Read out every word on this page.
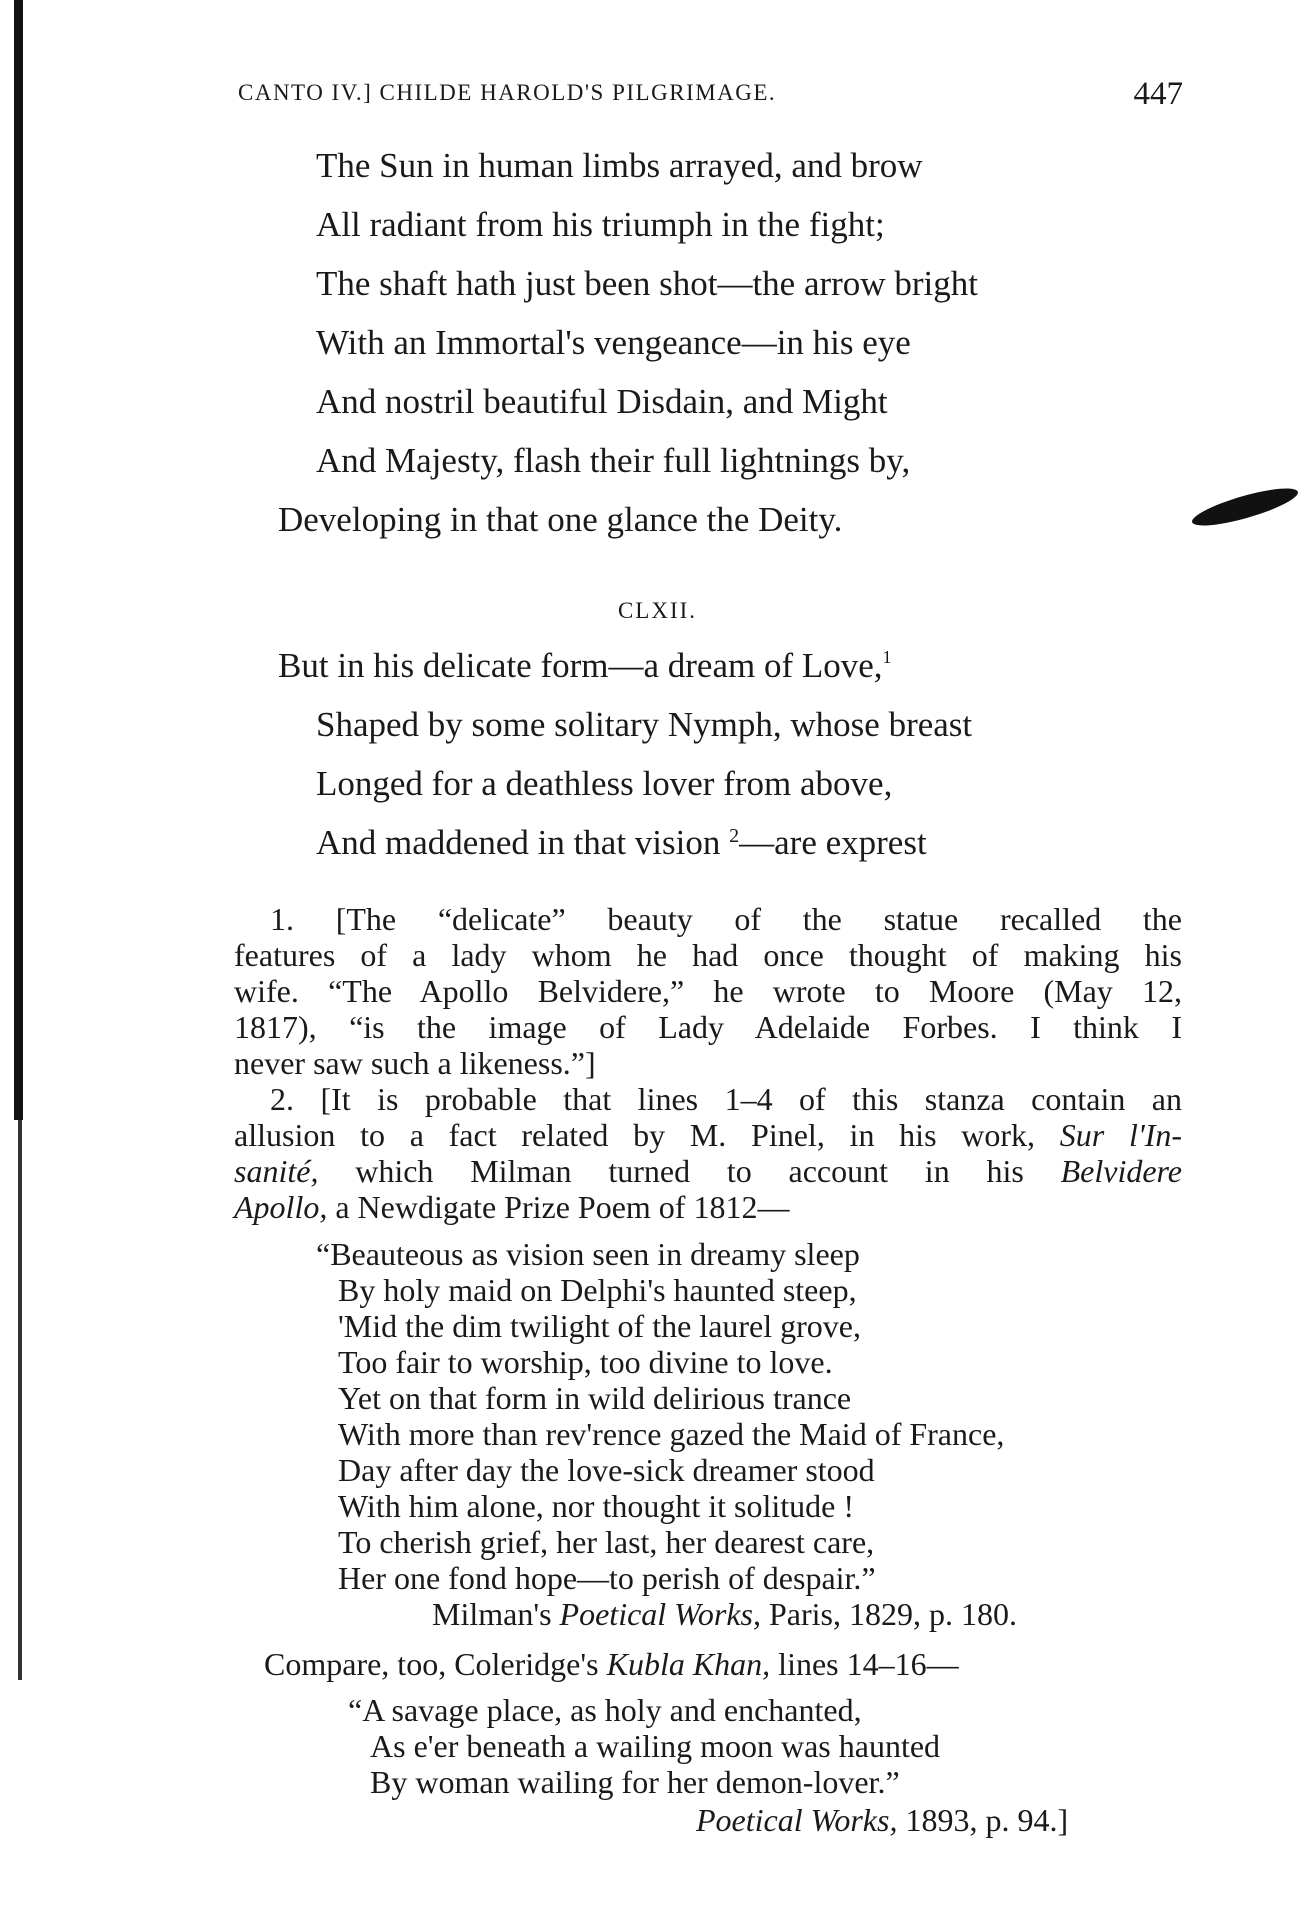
CANTO IV.] CHILDE HAROLD'S PILGRIMAGE.	447
The Sun in human limbs arrayed, and brow
All radiant from his triumph in the fight;
The shaft hath just been shot—the arrow bright
With an Immortal's vengeance—in his eye
And nostril beautiful Disdain, and Might
And Majesty, flash their full lightnings by,
Developing in that one glance the Deity.
CLXII.
But in his delicate form—a dream of Love,$^1$
Shaped by some solitary Nymph, whose breast
Longed for a deathless lover from above,
And maddened in that vision $^2$—are exprest
1. [The “delicate” beauty of the statue recalled the
features of a lady whom he had once thought of making his
wife. “The Apollo Belvidere,” he wrote to Moore (May 12,
1817), “is the image of Lady Adelaide Forbes. I think I
never saw such a likeness.”]
2. [It is probable that lines 1–4 of this stanza contain an
allusion to a fact related by M. Pinel, in his work, Sur l'In-
sanité, which Milman turned to account in his Belvidere
Apollo, a Newdigate Prize Poem of 1812—
“Beauteous as vision seen in dreamy sleep
By holy maid on Delphi's haunted steep,
'Mid the dim twilight of the laurel grove,
Too fair to worship, too divine to love.
Yet on that form in wild delirious trance
With more than rev'rence gazed the Maid of France,
Day after day the love-sick dreamer stood
With him alone, nor thought it solitude !
To cherish grief, her last, her dearest care,
Her one fond hope—to perish of despair.”
Milman's Poetical Works, Paris, 1829, p. 180.
Compare, too, Coleridge's Kubla Khan, lines 14–16—
“A savage place, as holy and enchanted,
As e'er beneath a wailing moon was haunted
By woman wailing for her demon-lover.”
Poetical Works, 1893, p. 94.]
